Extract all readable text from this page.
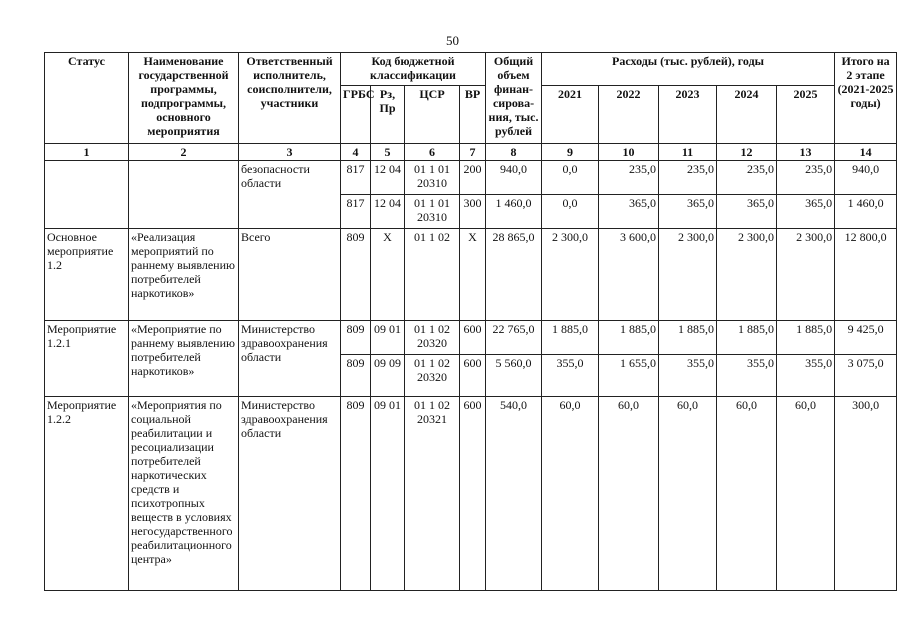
50
Статус	Наименование государственной программы, подпрограммы, основного мероприятия	Ответственный исполнитель, соисполнители, участники	Код бюджетной классификации				Общий объем финан-сирова-ния, тыс. рублей	Расходы (тыс. рублей), годы					Итого на 2 этапе (2021-2025 годы)
			ГРБС	Рз, Пр	ЦСР	ВР		2021	2022	2023	2024	2025	
1	2	3	4	5	6	7	8	9	10	11	12	13	14
		безопасности области	817	12 04	01 1 01 20310	200	940,0	0,0	235,0	235,0	235,0	235,0	940,0
			817	12 04	01 1 01 20310	300	1 460,0	0,0	365,0	365,0	365,0	365,0	1 460,0
Основное мероприятие 1.2	«Реализация мероприятий по раннему выявлению потребителей наркотиков»	Всего	809	Х	01 1 02	Х	28 865,0	2 300,0	3 600,0	2 300,0	2 300,0	2 300,0	12 800,0
Мероприятие 1.2.1	«Мероприятие по раннему выявлению потребителей наркотиков»	Министерство здравоохранения области	809	09 01	01 1 02 20320	600	22 765,0	1 885,0	1 885,0	1 885,0	1 885,0	1 885,0	9 425,0
			809	09 09	01 1 02 20320	600	5 560,0	355,0	1 655,0	355,0	355,0	355,0	3 075,0
Мероприятие 1.2.2	«Мероприятия по социальной реабилитации и ресоциализации потребителей наркотических средств и психотропных веществ в условиях негосударственного реабилитационного центра»	Министерство здравоохранения области	809	09 01	01 1 02 20321	600	540,0	60,0	60,0	60,0	60,0	60,0	300,0
